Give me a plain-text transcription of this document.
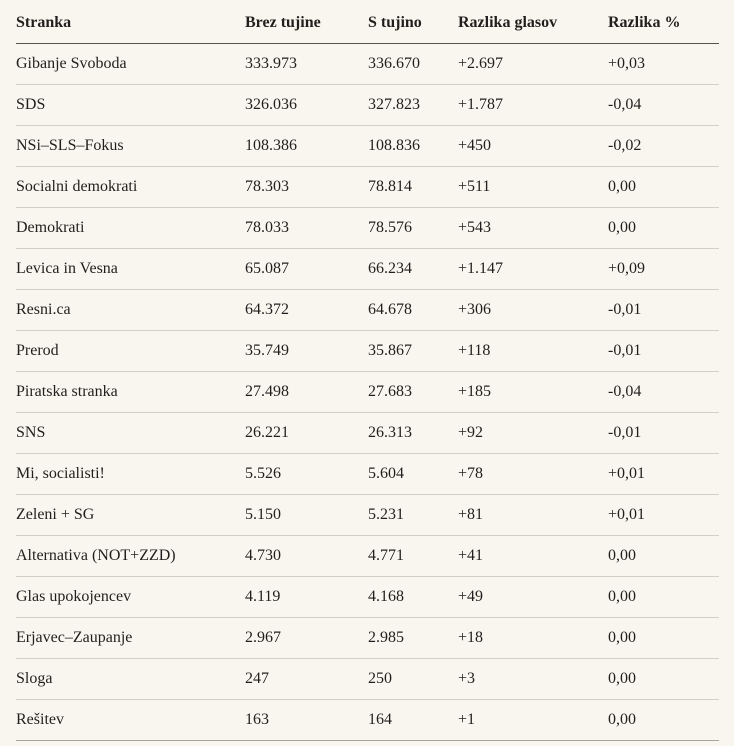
Stranka	Brez tujine	S tujino	Razlika glasov	Razlika %
Gibanje Svoboda	333.973	336.670	+2.697	+0,03
SDS	326.036	327.823	+1.787	-0,04
NSi–SLS–Fokus	108.386	108.836	+450	-0,02
Socialni demokrati	78.303	78.814	+511	0,00
Demokrati	78.033	78.576	+543	0,00
Levica in Vesna	65.087	66.234	+1.147	+0,09
Resni.ca	64.372	64.678	+306	-0,01
Prerod	35.749	35.867	+118	-0,01
Piratska stranka	27.498	27.683	+185	-0,04
SNS	26.221	26.313	+92	-0,01
Mi, socialisti!	5.526	5.604	+78	+0,01
Zeleni + SG	5.150	5.231	+81	+0,01
Alternativa (NOT+ZZD)	4.730	4.771	+41	0,00
Glas upokojencev	4.119	4.168	+49	0,00
Erjavec–Zaupanje	2.967	2.985	+18	0,00
Sloga	247	250	+3	0,00
Rešitev	163	164	+1	0,00
